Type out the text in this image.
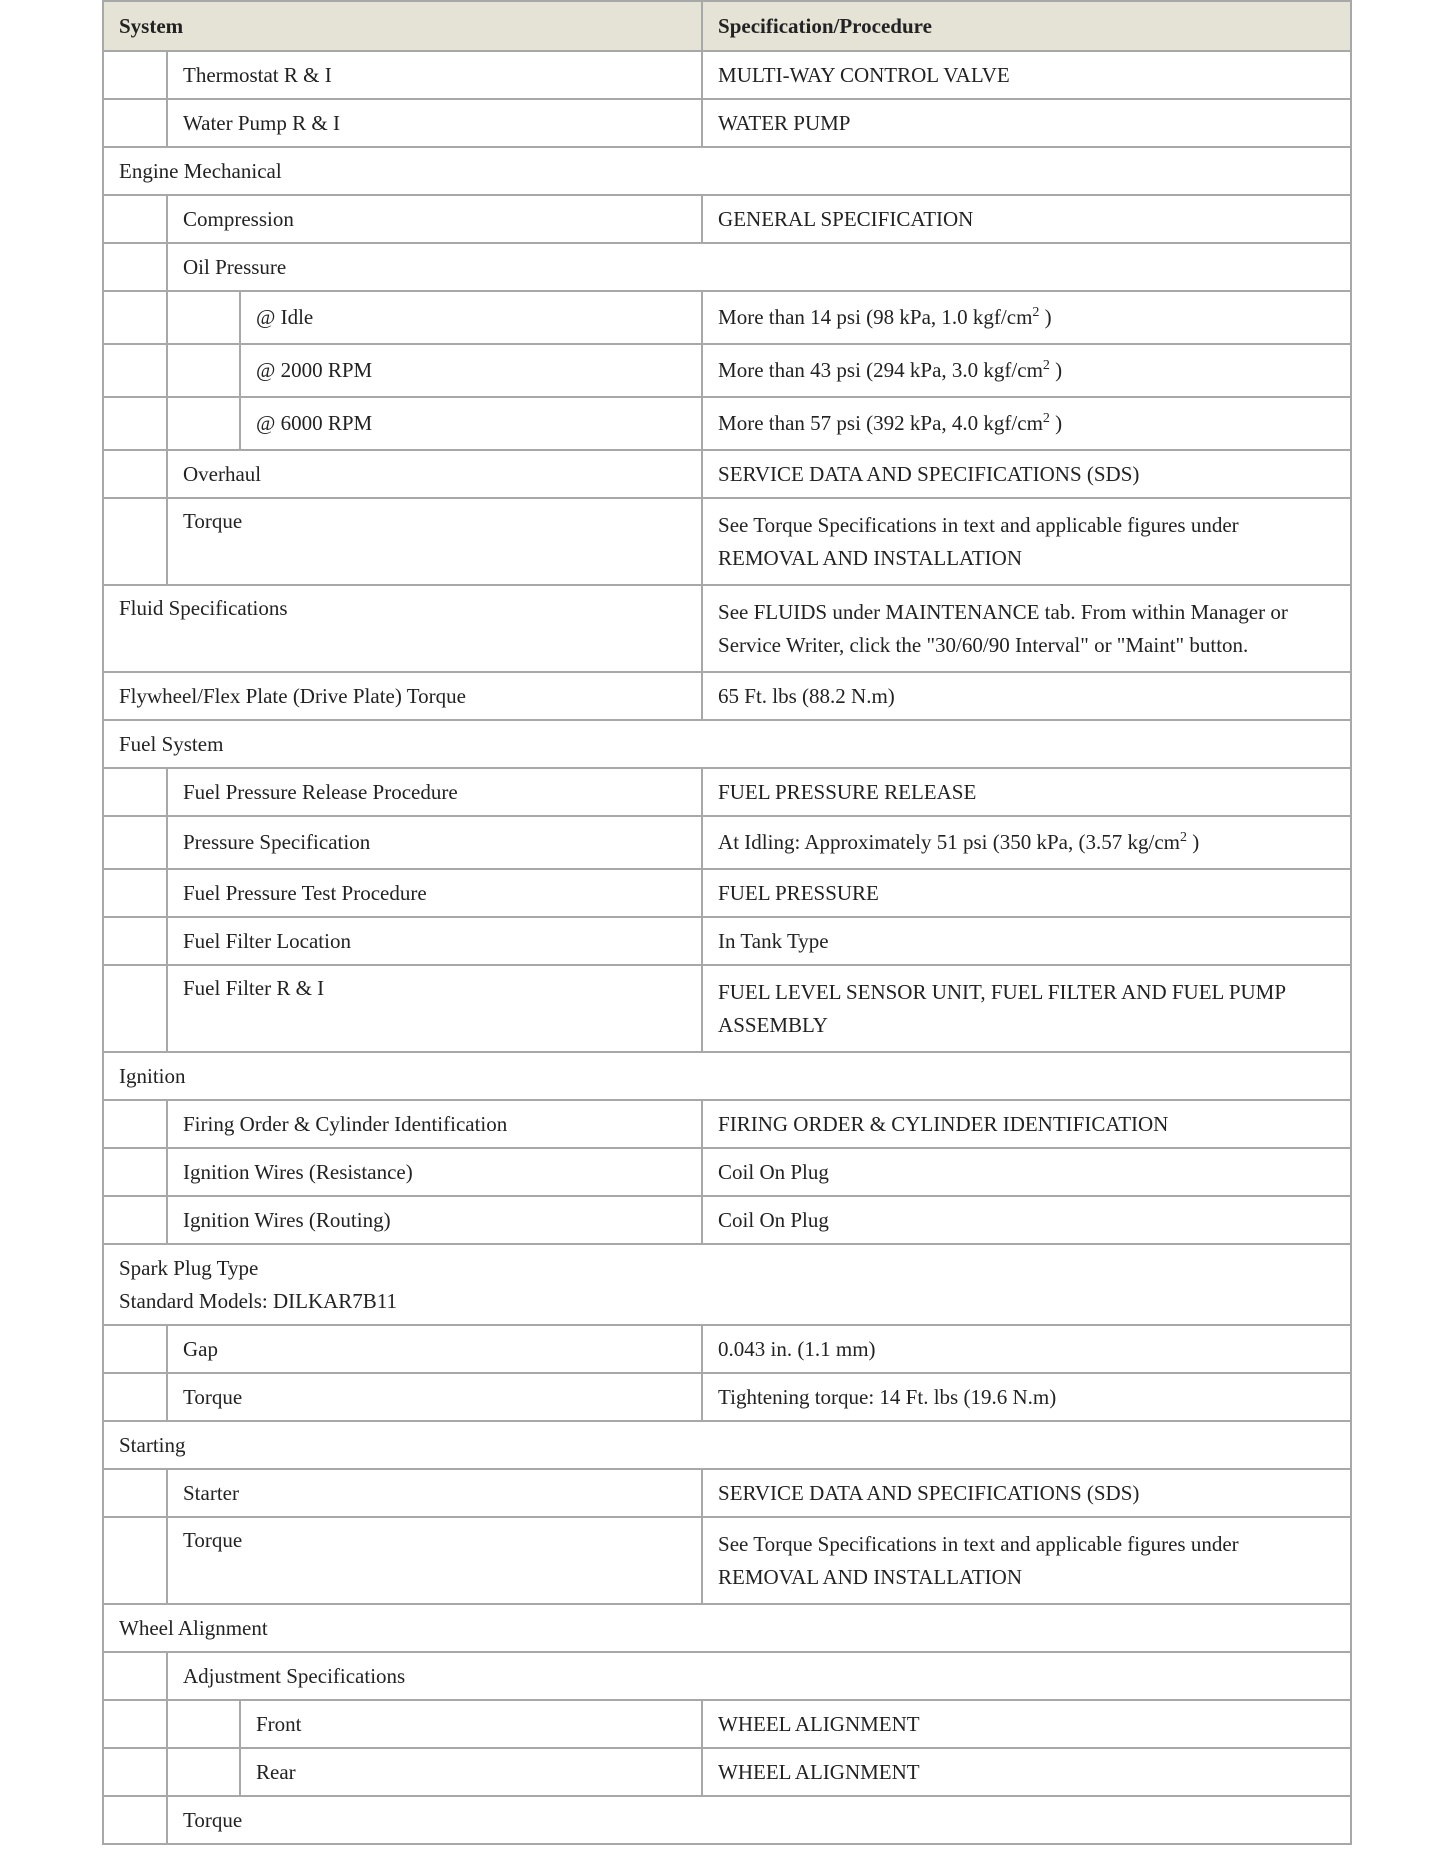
System			Specification/Procedure
	Thermostat R & I		MULTI-WAY CONTROL VALVE
	Water Pump R & I		WATER PUMP
Engine Mechanical			
	Compression		GENERAL SPECIFICATION
	Oil Pressure		
		@ Idle	More than 14 psi (98 kPa, 1.0 kgf/$cm^2$ )
		@ 2000 RPM	More than 43 psi (294 kPa, 3.0 kgf/$cm^2$ )
		@ 6000 RPM	More than 57 psi (392 kPa, 4.0 kgf/$cm^2$ )
	Overhaul		SERVICE DATA AND SPECIFICATIONS (SDS)
	Torque		See Torque Specifications in text and applicable figures under
REMOVAL AND INSTALLATION
Fluid Specifications			See FLUIDS under MAINTENANCE tab. From within Manager or
Service Writer, click the "30/60/90 Interval" or "Maint" button.
Flywheel/Flex Plate (Drive Plate) Torque			65 Ft. lbs (88.2 N.m)
Fuel System			
	Fuel Pressure Release Procedure		FUEL PRESSURE RELEASE
	Pressure Specification		At Idling: Approximately 51 psi (350 kPa, (3.57 $kg/cm^2$ )
	Fuel Pressure Test Procedure		FUEL PRESSURE
	Fuel Filter Location		In Tank Type
	Fuel Filter R & I		FUEL LEVEL SENSOR UNIT, FUEL FILTER AND FUEL PUMP
ASSEMBLY
Ignition			
	Firing Order & Cylinder Identification		FIRING ORDER & CYLINDER IDENTIFICATION
	Ignition Wires (Resistance)		Coil On Plug
	Ignition Wires (Routing)		Coil On Plug
Spark Plug Type
Standard Models: DILKAR7B11			
	Gap		0.043 in. (1.1 mm)
	Torque		Tightening torque: 14 Ft. lbs (19.6 N.m)
Starting			
	Starter		SERVICE DATA AND SPECIFICATIONS (SDS)
	Torque		See Torque Specifications in text and applicable figures under
REMOVAL AND INSTALLATION
Wheel Alignment			
	Adjustment Specifications		
		Front	WHEEL ALIGNMENT
		Rear	WHEEL ALIGNMENT
	Torque		
